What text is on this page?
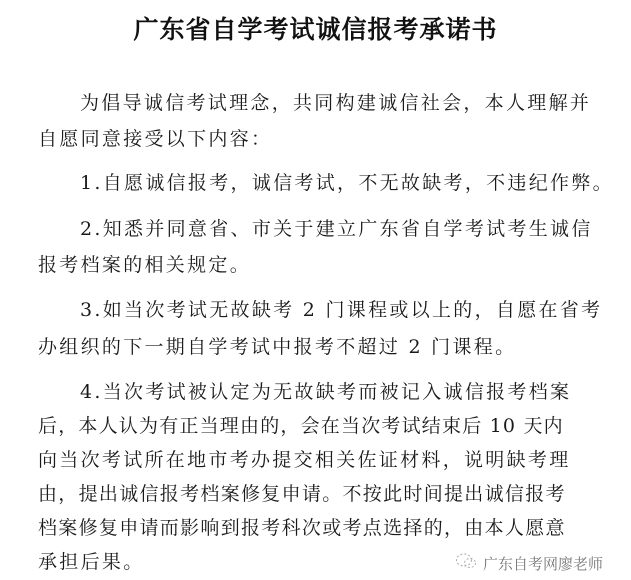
广东省自学考试诚信报考承诺书
为倡导诚信考试理念，共同构建诚信社会，本人理解并
自愿同意接受以下内容：
1.自愿诚信报考，诚信考试，不无故缺考，不违纪作弊。
2.知悉并同意省、市关于建立广东省自学考试考生诚信
报考档案的相关规定。
3.如当次考试无故缺考 2 门课程或以上的，自愿在省考
办组织的下一期自学考试中报考不超过 2 门课程。
4.当次考试被认定为无故缺考而被记入诚信报考档案
后，本人认为有正当理由的，会在当次考试结束后 10 天内
向当次考试所在地市考办提交相关佐证材料，说明缺考理
由，提出诚信报考档案修复申请。不按此时间提出诚信报考
档案修复申请而影响到报考科次或考点选择的，由本人愿意
承担后果。	广东自考网廖老师
